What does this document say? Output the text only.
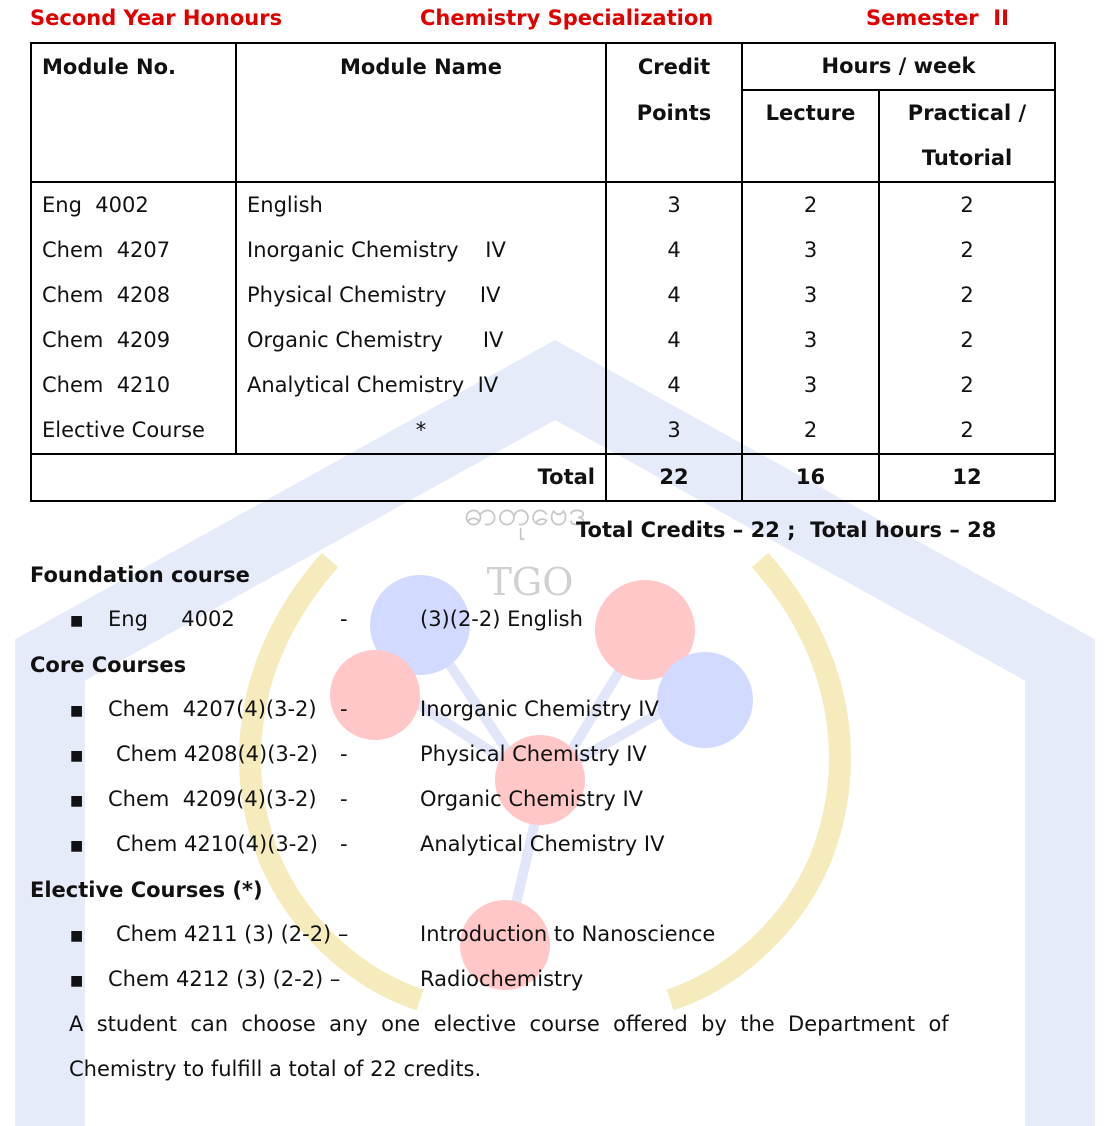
ဓာတုဗေဒ
TGO
Second Year Honours	Chemistry Specialization	Semester  II
Module No.	Module Name	Credit	Hours / week	
		Points	Lecture	Practical /
				Tutorial
Eng  4002	English	3	2	2
Chem  4207	Inorganic Chemistry    IV	4	3	2
Chem  4208	Physical Chemistry     IV	4	3	2
Chem  4209	Organic Chemistry      IV	4	3	2
Chem  4210	Analytical Chemistry  IV	4	3	2
Elective Course	*	3	2	2
Total		22	16	12
Total Credits – 22 ;  Total hours – 28
Foundation course
■ Eng     4002	-	(3)(2-2) English
Core Courses
■ Chem  4207(4)(3-2) -	Inorganic Chemistry IV
■ Chem 4208(4)(3-2) -	Physical Chemistry IV
■ Chem  4209(4)(3-2) -	Organic Chemistry IV
■ Chem 4210(4)(3-2) -	Analytical Chemistry IV
Elective Courses (*)
■ Chem 4211 (3) (2-2) –	Introduction to Nanoscience
■ Chem 4212 (3) (2-2) –	Radiochemistry
A  student  can  choose  any  one  elective  course  offered  by  the  Department  of
Chemistry to fulfill a total of 22 credits.
